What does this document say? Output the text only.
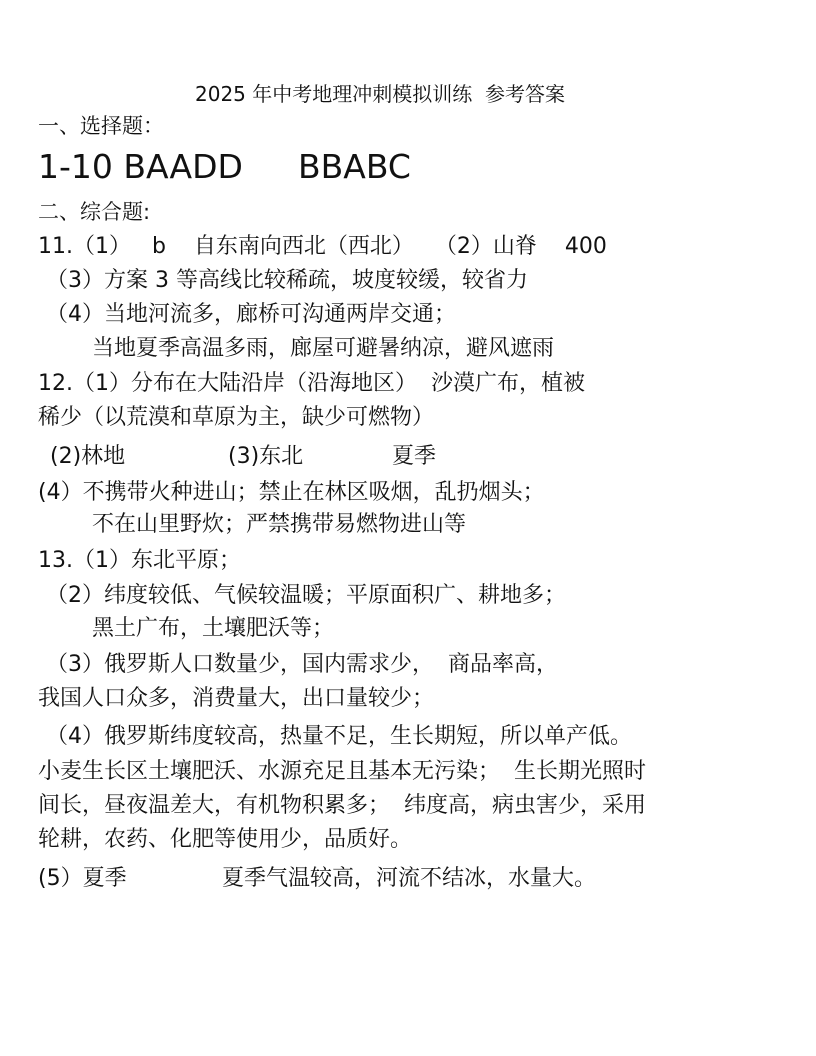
2025 年中考地理冲刺模拟训练  参考答案

一、选择题：

1-10 BAADD BBABC

二、综合题:

11.（1）   b    自东南向西北（西北）   （2）山脊    400

（3）方案 3 等高线比较稀疏，坡度较缓，较省力

（4）当地河流多，廊桥可沟通两岸交通；

当地夏季高温多雨，廊屋可避暑纳凉，避风遮雨

12.（1）分布在大陆沿岸（沿海地区）  沙漠广布，植被

稀少（以荒漠和草原为主，缺少可燃物）

(2)林地	(3)东北	夏季

(4）不携带火种进山；禁止在林区吸烟，乱扔烟头；

不在山里野炊；严禁携带易燃物进山等

13.（1）东北平原；

（2）纬度较低、气候较温暖；平原面积广、耕地多；

黑土广布，土壤肥沃等；

（3）俄罗斯人口数量少，国内需求少，  商品率高，

我国人口众多，消费量大，出口量较少；

（4）俄罗斯纬度较高，热量不足，生长期短，所以单产低。

小麦生长区土壤肥沃、水源充足且基本无污染；  生长期光照时

间长，昼夜温差大，有机物积累多；  纬度高，病虫害少，采用

轮耕，农药、化肥等使用少，品质好。

(5）夏季	夏季气温较高，河流不结冰，水量大。
